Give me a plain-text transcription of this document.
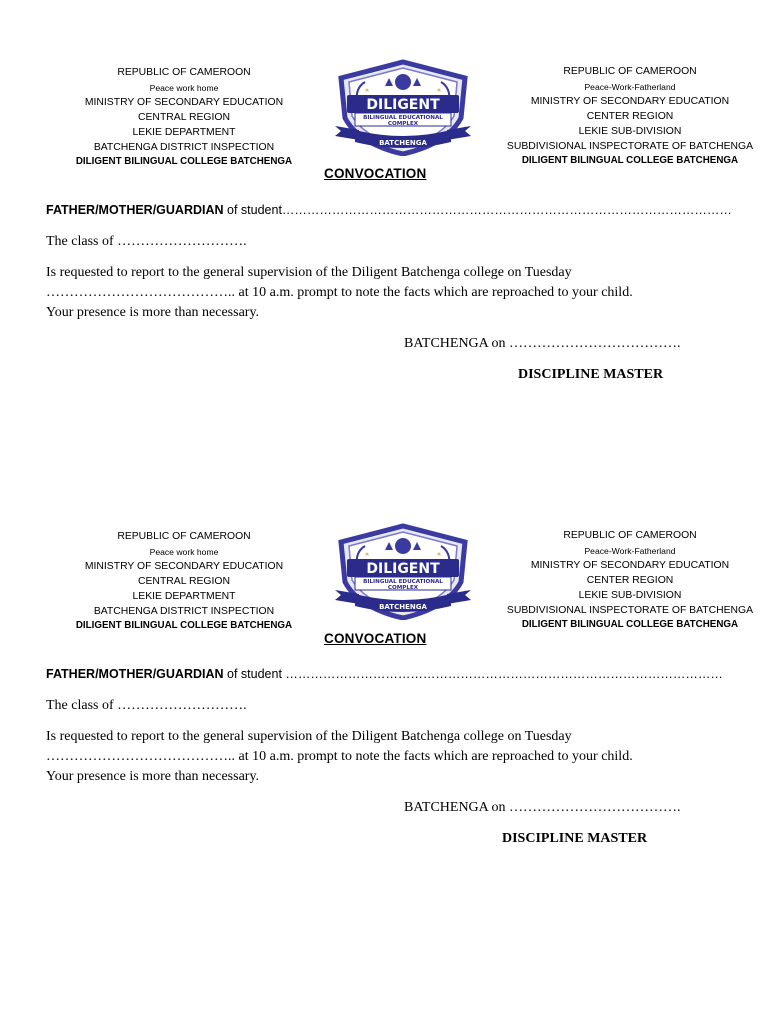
REPUBLIC OF CAMEROON
Peace work home
MINISTRY OF SECONDARY EDUCATION
CENTRAL REGION
LEKIE DEPARTMENT
BATCHENGA DISTRICT INSPECTION
DILIGENT BILINGUAL COLLEGE BATCHENGA
DILIGENT
BILINGUAL EDUCATIONAL
COMPLEX
BATCHENGA
REPUBLIC OF CAMEROON
Peace-Work-Fatherland
MINISTRY OF SECONDARY EDUCATION
CENTER REGION
LEKIE SUB-DIVISION
SUBDIVISIONAL INSPECTORATE OF BATCHENGA
DILIGENT BILINGUAL COLLEGE BATCHENGA
CONVOCATION
FATHER/MOTHER/GUARDIAN of student………………………………………………………………………………………………
The class of ……………………….
Is requested to report to the general supervision of the Diligent Batchenga college on Tuesday
………………………………….. at 10 a.m. prompt to note the facts which are reproached to your child.
Your presence is more than necessary.
BATCHENGA on ……………………………….
DISCIPLINE MASTER
REPUBLIC OF CAMEROON
Peace work home
MINISTRY OF SECONDARY EDUCATION
CENTRAL REGION
LEKIE DEPARTMENT
BATCHENGA DISTRICT INSPECTION
DILIGENT BILINGUAL COLLEGE BATCHENGA
DILIGENT
BILINGUAL EDUCATIONAL
COMPLEX
BATCHENGA
REPUBLIC OF CAMEROON
Peace-Work-Fatherland
MINISTRY OF SECONDARY EDUCATION
CENTER REGION
LEKIE SUB-DIVISION
SUBDIVISIONAL INSPECTORATE OF BATCHENGA
DILIGENT BILINGUAL COLLEGE BATCHENGA
CONVOCATION
FATHER/MOTHER/GUARDIAN of student ……………………………………………………………………………………………
The class of ……………………….
Is requested to report to the general supervision of the Diligent Batchenga college on Tuesday
………………………………….. at 10 a.m. prompt to note the facts which are reproached to your child.
Your presence is more than necessary.
BATCHENGA on ……………………………….
DISCIPLINE MASTER
